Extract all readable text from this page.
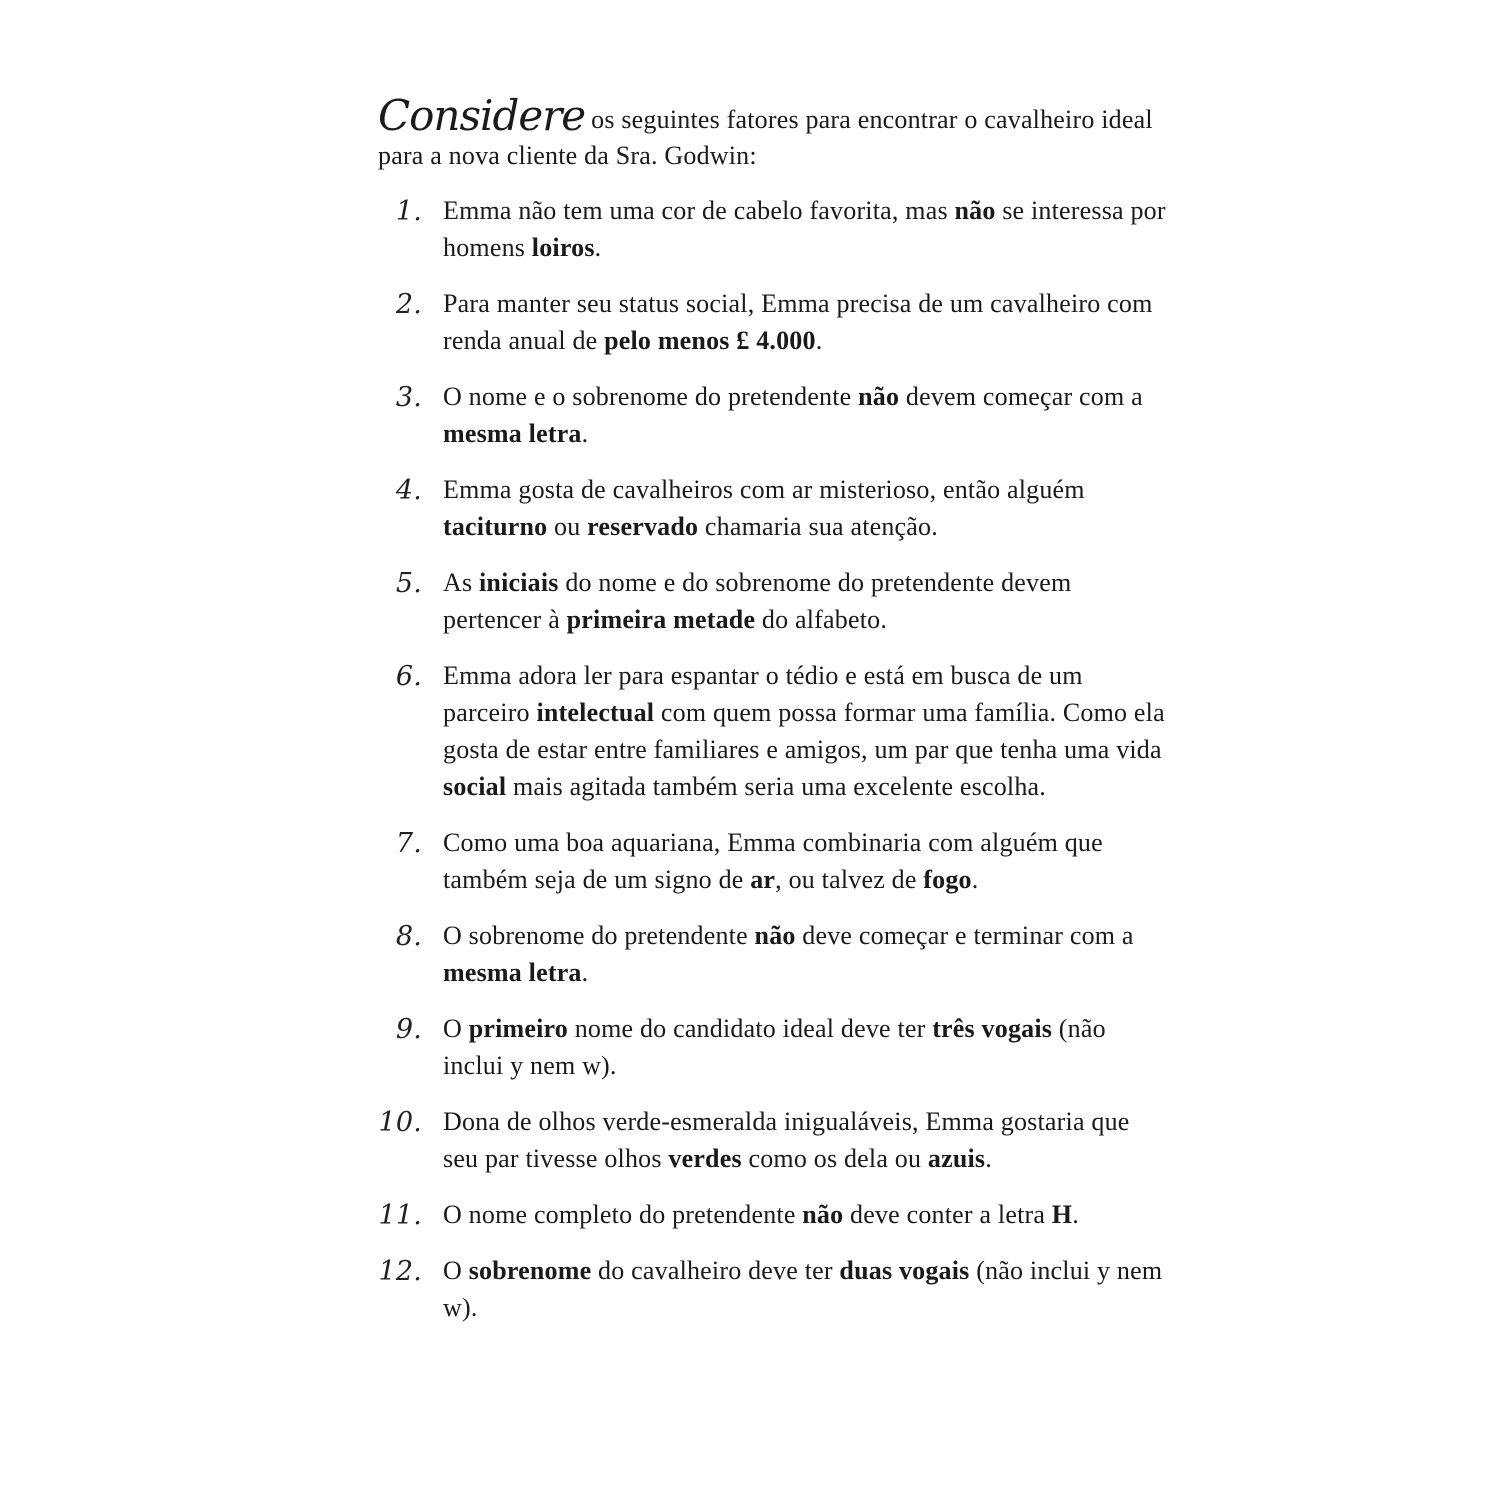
Considere os seguintes fatores para encontrar o cavalheiro ideal para a nova cliente da Sra. Godwin:

1. Emma não tem uma cor de cabelo favorita, mas não se interessa por homens loiros.
2. Para manter seu status social, Emma precisa de um cavalheiro com renda anual de pelo menos £ 4.000.
3. O nome e o sobrenome do pretendente não devem começar com a mesma letra.
4. Emma gosta de cavalheiros com ar misterioso, então alguém taciturno ou reservado chamaria sua atenção.
5. As iniciais do nome e do sobrenome do pretendente devem pertencer à primeira metade do alfabeto.
6. Emma adora ler para espantar o tédio e está em busca de um parceiro intelectual com quem possa formar uma família. Como ela gosta de estar entre familiares e amigos, um par que tenha uma vida social mais agitada também seria uma excelente escolha.
7. Como uma boa aquariana, Emma combinaria com alguém que também seja de um signo de ar, ou talvez de fogo.
8. O sobrenome do pretendente não deve começar e terminar com a mesma letra.
9. O primeiro nome do candidato ideal deve ter três vogais (não inclui y nem w).
10. Dona de olhos verde-esmeralda inigualáveis, Emma gostaria que seu par tivesse olhos verdes como os dela ou azuis.
11. O nome completo do pretendente não deve conter a letra H.
12. O sobrenome do cavalheiro deve ter duas vogais (não inclui y nem w).
